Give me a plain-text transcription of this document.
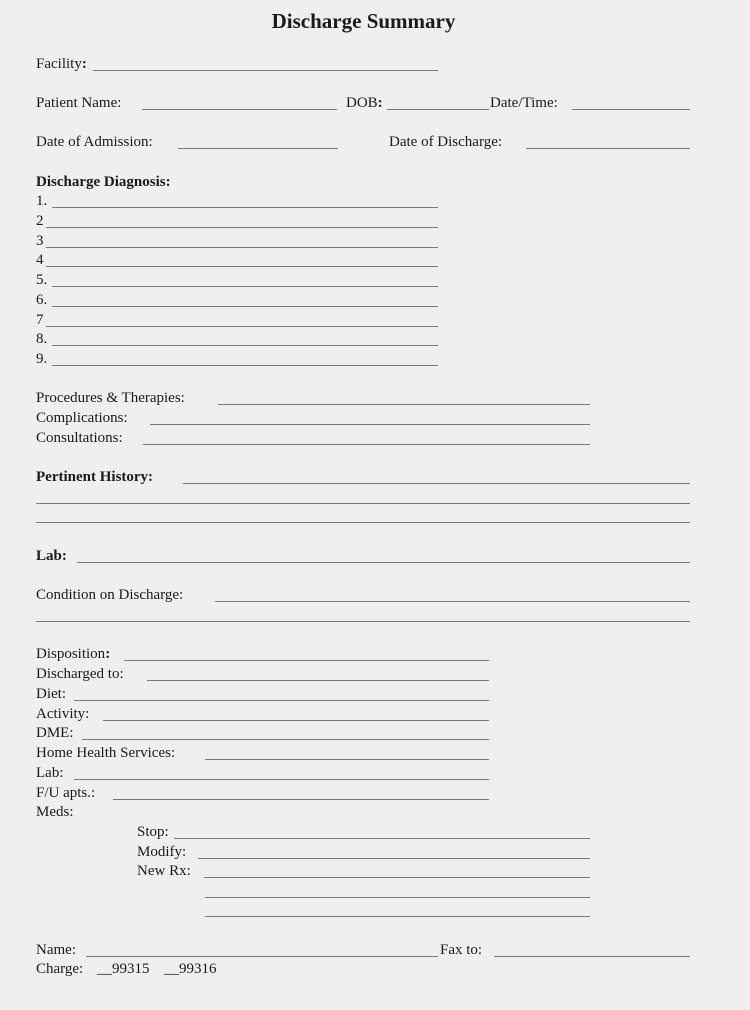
Discharge Summary
Facility:
Patient Name:	DOB:	Date/Time:
Date of Admission:	Date of Discharge:
Discharge Diagnosis:
1.
2
3
4
5.
6.
7
8.
9.
Procedures & Therapies:
Complications:
Consultations:
Pertinent History:
Lab:
Condition on Discharge:
Disposition:
Discharged to:
Diet:
Activity:
DME:
Home Health Services:
Lab:
F/U apts.:
Meds:
Stop:
Modify:
New Rx:
Name:	Fax to:
Charge: __99315 __99316
